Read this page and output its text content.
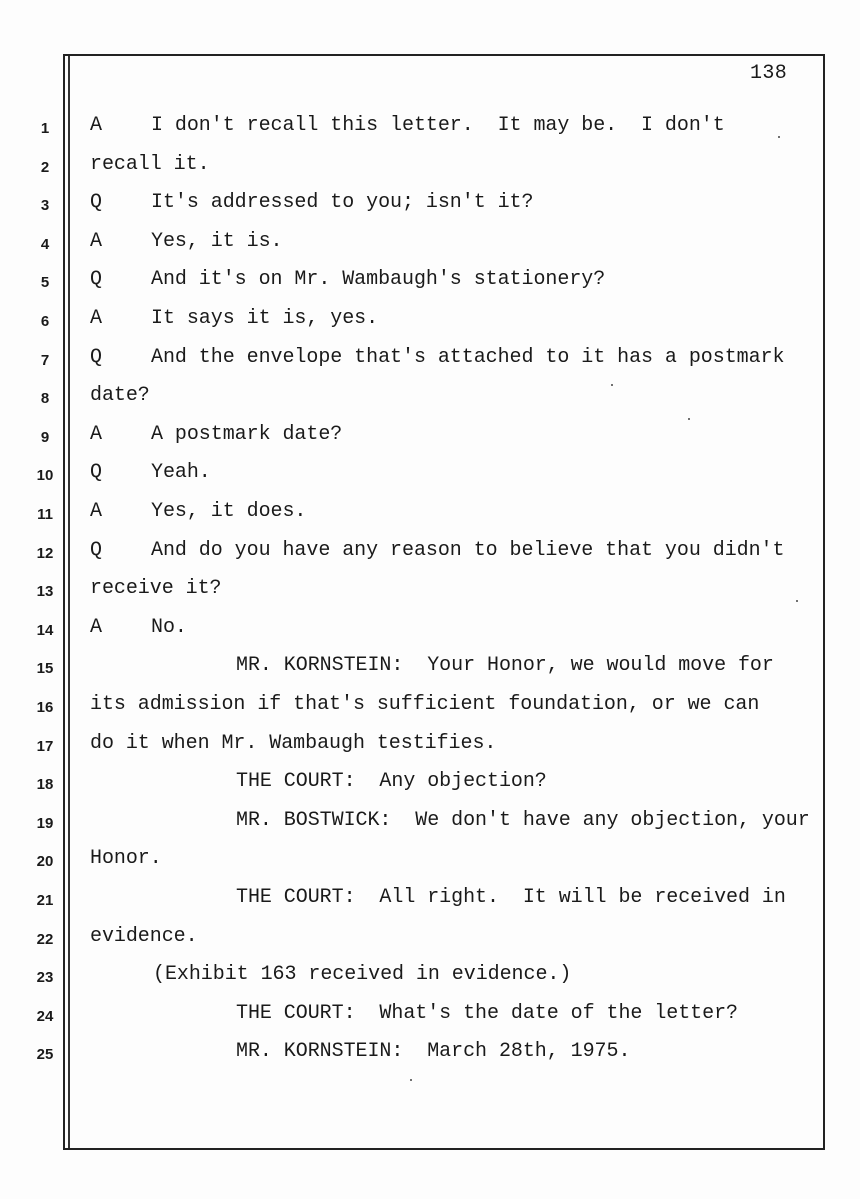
138
1	A I don't recall this letter.  It may be.  I don't
2	recall it.
3	Q It's addressed to you; isn't it?
4	A Yes, it is.
5	Q And it's on Mr. Wambaugh's stationery?
6	A It says it is, yes.
7	Q And the envelope that's attached to it has a postmark
8	date?
9	A A postmark date?
10	Q Yeah.
11	A Yes, it does.
12	Q And do you have any reason to believe that you didn't
13	receive it?
14	A No.
15	MR. KORNSTEIN:  Your Honor, we would move for
16	its admission if that's sufficient foundation, or we can
17	do it when Mr. Wambaugh testifies.
18	THE COURT:  Any objection?
19	MR. BOSTWICK:  We don't have any objection, your
20	Honor.
21	THE COURT:  All right.  It will be received in
22	evidence.
23	(Exhibit 163 received in evidence.)
24	THE COURT:  What's the date of the letter?
25	MR. KORNSTEIN:  March 28th, 1975.
